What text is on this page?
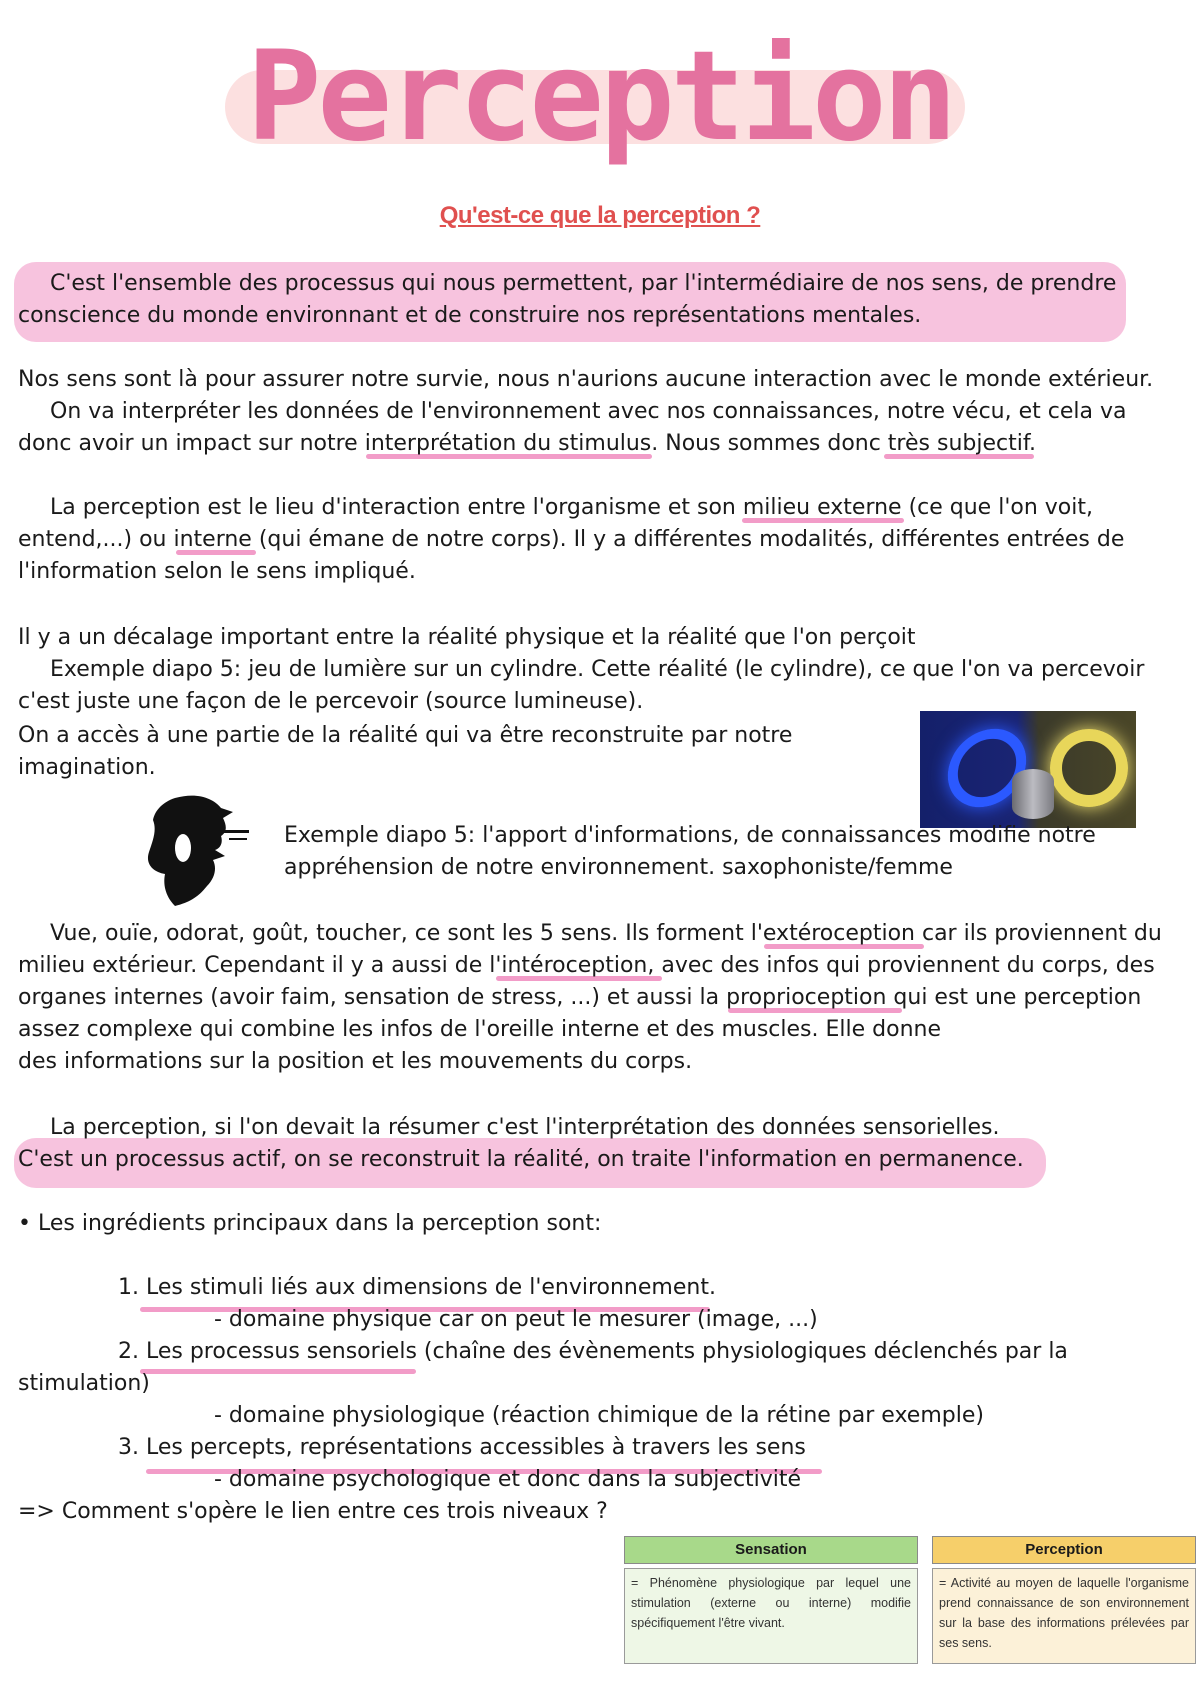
Perception
Qu'est-ce que la perception ?
C'est l'ensemble des processus qui nous permettent, par l'intermédiaire de nos sens, de prendre
conscience du monde environnant et de construire nos représentations mentales.
Nos sens sont là pour assurer notre survie, nous n'aurions aucune interaction avec le monde extérieur.
On va interpréter les données de l'environnement avec nos connaissances, notre vécu, et cela va
donc avoir un impact sur notre interprétation du stimulus. Nous sommes donc très subjectif.
La perception est le lieu d'interaction entre l'organisme et son milieu externe (ce que l'on voit,
entend,...) ou interne (qui émane de notre corps). Il y a différentes modalités, différentes entrées de
l'information selon le sens impliqué.
Il y a un décalage important entre la réalité physique et la réalité que l'on perçoit
Exemple diapo 5: jeu de lumière sur un cylindre. Cette réalité (le cylindre), ce que l'on va percevoir
c'est juste une façon de le percevoir (source lumineuse).
On a accès à une partie de la réalité qui va être reconstruite par notre
imagination.
Exemple diapo 5: l'apport d'informations, de connaissances modifie notre
appréhension de notre environnement. saxophoniste/femme
Vue, ouïe, odorat, goût, toucher, ce sont les 5 sens. Ils forment l'extéroception car ils proviennent du
milieu extérieur. Cependant il y a aussi de l'intéroception, avec des infos qui proviennent du corps, des
organes internes (avoir faim, sensation de stress, ...) et aussi la proprioception qui est une perception
assez complexe qui combine les infos de l'oreille interne et des muscles. Elle donne
des informations sur la position et les mouvements du corps.
La perception, si l'on devait la résumer c'est l'interprétation des données sensorielles.
C'est un processus actif, on se reconstruit la réalité, on traite l'information en permanence.
• Les ingrédients principaux dans la perception sont:
1. Les stimuli liés aux dimensions de l'environnement.
- domaine physique car on peut le mesurer (image, ...)
2. Les processus sensoriels (chaîne des évènements physiologiques déclenchés par la
stimulation)
- domaine physiologique (réaction chimique de la rétine par exemple)
3. Les percepts, représentations accessibles à travers les sens
- domaine psychologique et donc dans la subjectivité
=> Comment s'opère le lien entre ces trois niveaux ?
Sensation
= Phénomène physiologique par lequel une stimulation (externe ou interne) modifie spécifiquement l'être vivant.
Perception
= Activité au moyen de laquelle l'organisme prend connaissance de son environnement sur la base des informations prélevées par ses sens.
